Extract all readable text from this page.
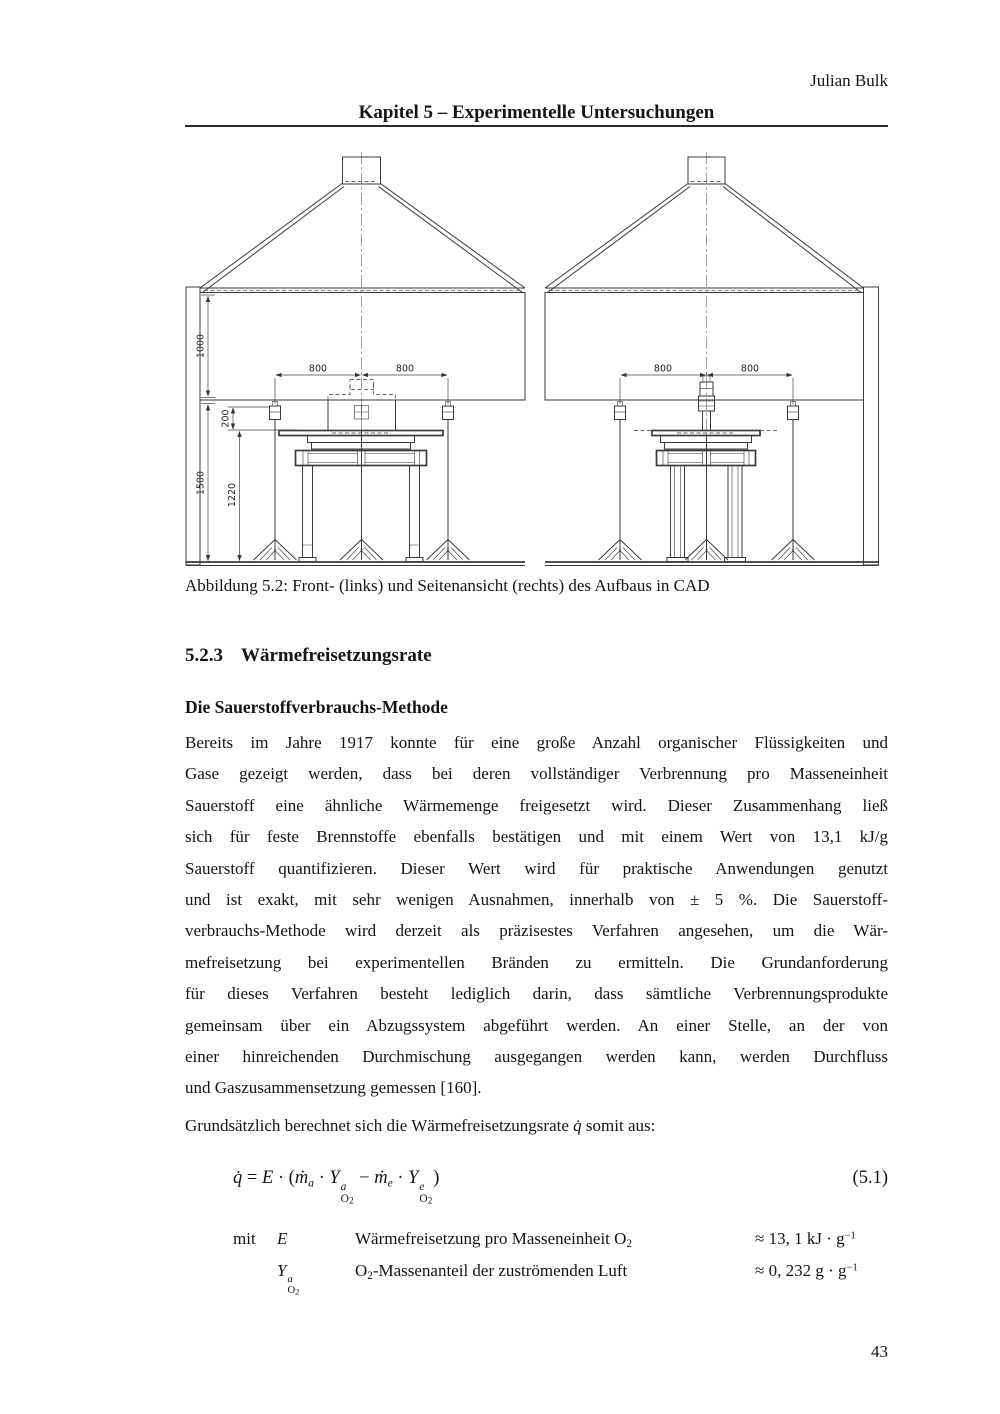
Julian Bulk
Kapitel 5 – Experimentelle Untersuchungen
1000
800	800
200
1220
1500
800	800
Abbildung 5.2: Front- (links) und Seitenansicht (rechts) des Aufbaus in CAD
5.2.3 Wärmefreisetzungsrate
Die Sauerstoffverbrauchs-Methode
Bereits im Jahre 1917 konnte für eine große Anzahl organischer Flüssigkeiten und
Gase gezeigt werden, dass bei deren vollständiger Verbrennung pro Masseneinheit
Sauerstoff eine ähnliche Wärmemenge freigesetzt wird. Dieser Zusammenhang ließ
sich für feste Brennstoffe ebenfalls bestätigen und mit einem Wert von 13,1 kJ/g
Sauerstoff quantifizieren. Dieser Wert wird für praktische Anwendungen genutzt
und ist exakt, mit sehr wenigen Ausnahmen, innerhalb von ± 5 %. Die Sauerstoff-
verbrauchs-Methode wird derzeit als präzisestes Verfahren angesehen, um die Wär-
mefreisetzung bei experimentellen Bränden zu ermitteln. Die Grundanforderung
für dieses Verfahren besteht lediglich darin, dass sämtliche Verbrennungsprodukte
gemeinsam über ein Abzugssystem abgeführt werden. An einer Stelle, an der von
einer hinreichenden Durchmischung ausgegangen werden kann, werden Durchfluss
und Gaszusammensetzung gemessen [160].
Grundsätzlich berechnet sich die Wärmefreisetzungsrate q̇ somit aus:
q̇ = E · (ṁa · Y a
O2
− ṁe · Y e
O2
)	(5.1)
mit	E	Wärmefreisetzung pro Masseneinheit O2	≈ 13, 1 kJ · $g^{-1}$
Y a
O2
O2-Massenanteil der zuströmenden Luft	≈ 0, 232 $g \cdot g^{-1}$
43
